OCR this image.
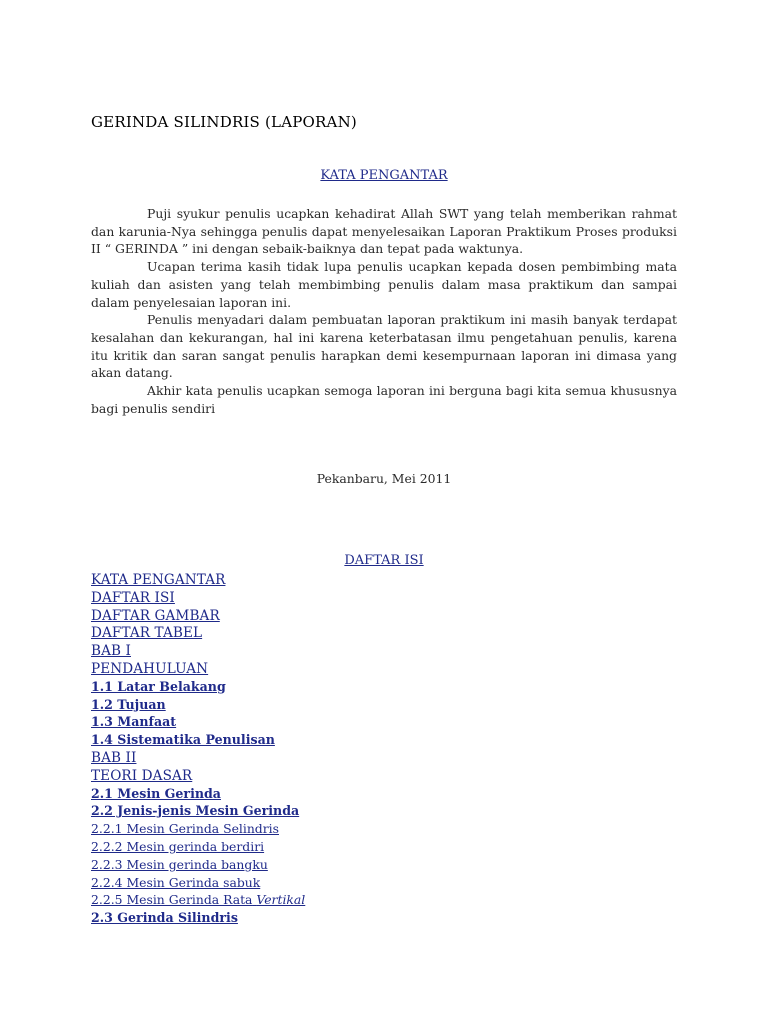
GERINDA SILINDRIS (LAPORAN)

KATA PENGANTAR

Puji syukur penulis ucapkan kehadirat Allah SWT yang telah memberikan rahmat dan karunia-Nya sehingga penulis dapat menyelesaikan Laporan Praktikum Proses produksi II “ GERINDA ” ini dengan sebaik-baiknya dan tepat pada waktunya.

Ucapan terima kasih tidak lupa penulis ucapkan kepada dosen pembimbing mata kuliah dan asisten yang telah membimbing penulis dalam masa praktikum dan sampai dalam penyelesaian laporan ini.

Penulis menyadari dalam pembuatan laporan praktikum ini masih banyak terdapat kesalahan dan kekurangan, hal ini karena keterbatasan ilmu pengetahuan penulis, karena itu kritik dan saran sangat penulis harapkan demi kesempurnaan laporan ini dimasa yang akan datang.

Akhir kata penulis ucapkan semoga laporan ini berguna bagi kita semua khususnya bagi penulis sendiri

Pekanbaru, Mei 2011

DAFTAR ISI

KATA PENGANTAR
DAFTAR ISI
DAFTAR GAMBAR
DAFTAR TABEL
BAB I
PENDAHULUAN
1.1 Latar Belakang
1.2 Tujuan
1.3 Manfaat
1.4 Sistematika Penulisan
BAB II
TEORI DASAR
2.1 Mesin Gerinda
2.2 Jenis-jenis Mesin Gerinda
2.2.1 Mesin Gerinda Selindris
2.2.2 Mesin gerinda berdiri
2.2.3 Mesin gerinda bangku
2.2.4 Mesin Gerinda sabuk
2.2.5 Mesin Gerinda Rata Vertikal
2.3 Gerinda Silindris
